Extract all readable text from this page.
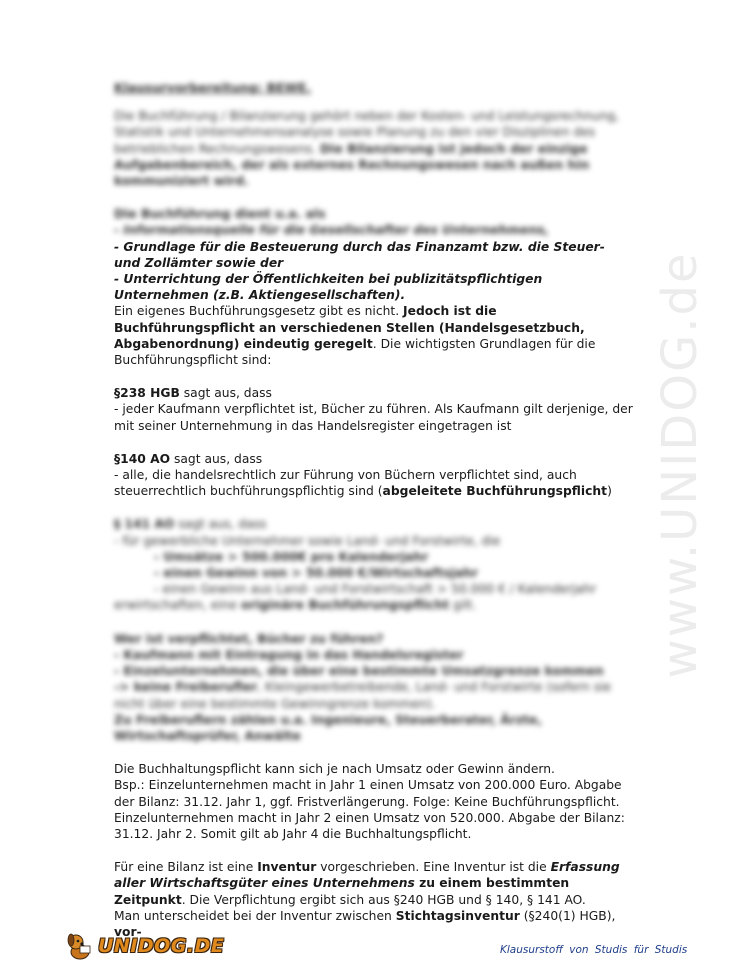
www.UNIDOG.de

Klausurvorbereitung: BEWE.

Die Buchführung / Bilanzierung gehört neben der Kosten- und Leistungsrechnung, Statistik und Unternehmensanalyse sowie Planung zu den vier Disziplinen des betrieblichen Rechnungswesens. Die Bilanzierung ist jedoch der einzige Aufgabenbereich, der als externes Rechnungswesen nach außen hin kommuniziert wird.

Die Buchführung dient u.a. als

- Informationsquelle für die Gesellschafter des Unternehmens,

- Grundlage für die Besteuerung durch das Finanzamt bzw. die Steuer- und Zollämter sowie der

- Unterrichtung der Öffentlichkeiten bei publizitätspflichtigen Unternehmen (z.B. Aktiengesellschaften).

Ein eigenes Buchführungsgesetz gibt es nicht. Jedoch ist die Buchführungspflicht an verschiedenen Stellen (Handelsgesetzbuch, Abgabenordnung) eindeutig geregelt. Die wichtigsten Grundlagen für die Buchführungspflicht sind:

§238 HGB sagt aus, dass

- jeder Kaufmann verpflichtet ist, Bücher zu führen. Als Kaufmann gilt derjenige, der mit seiner Unternehmung in das Handelsregister eingetragen ist

§140 AO sagt aus, dass

- alle, die handelsrechtlich zur Führung von Büchern verpflichtet sind, auch steuerrechtlich buchführungspflichtig sind (abgeleitete Buchführungspflicht)

§ 141 AO sagt aus, dass

- für gewerbliche Unternehmer sowie Land- und Forstwirte, die

- Umsätze > 500.000€ pro Kalenderjahr

- einen Gewinn von > 50.000 €/Wirtschaftsjahr

- einen Gewinn aus Land- und Forstwirtschaft > 50.000 € / Kalenderjahr erwirtschaften, eine originäre Buchführungspflicht gilt.

Wer ist verpflichtet, Bücher zu führen?

- Kaufmann mit Eintragung in das Handelsregister

- Einzelunternehmen, die über eine bestimmte Umsatzgrenze kommen

-> keine Freiberufler, Kleingewerbetreibende, Land- und Forstwirte (sofern sie nicht über eine bestimmte Gewinngrenze kommen).

Zu Freiberuflern zählen u.a. Ingenieure, Steuerberater, Ärzte, Wirtschaftsprüfer, Anwälte

Die Buchhaltungspflicht kann sich je nach Umsatz oder Gewinn ändern.

Bsp.: Einzelunternehmen macht in Jahr 1 einen Umsatz von 200.000 Euro. Abgabe der Bilanz: 31.12. Jahr 1, ggf. Fristverlängerung. Folge: Keine Buchführungspflicht.

Einzelunternehmen macht in Jahr 2 einen Umsatz von 520.000. Abgabe der Bilanz: 31.12. Jahr 2. Somit gilt ab Jahr 4 die Buchhaltungspflicht.

Für eine Bilanz ist eine Inventur vorgeschrieben. Eine Inventur ist die Erfassung aller Wirtschaftsgüter eines Unternehmens zu einem bestimmten Zeitpunkt. Die Verpflichtung ergibt sich aus §240 HGB und § 140, § 141 AO.

Man unterscheidet bei der Inventur zwischen Stichtagsinventur (§240(1) HGB), vor-

UNIDOG.DE	Klausurstoff von Studis für Studis
